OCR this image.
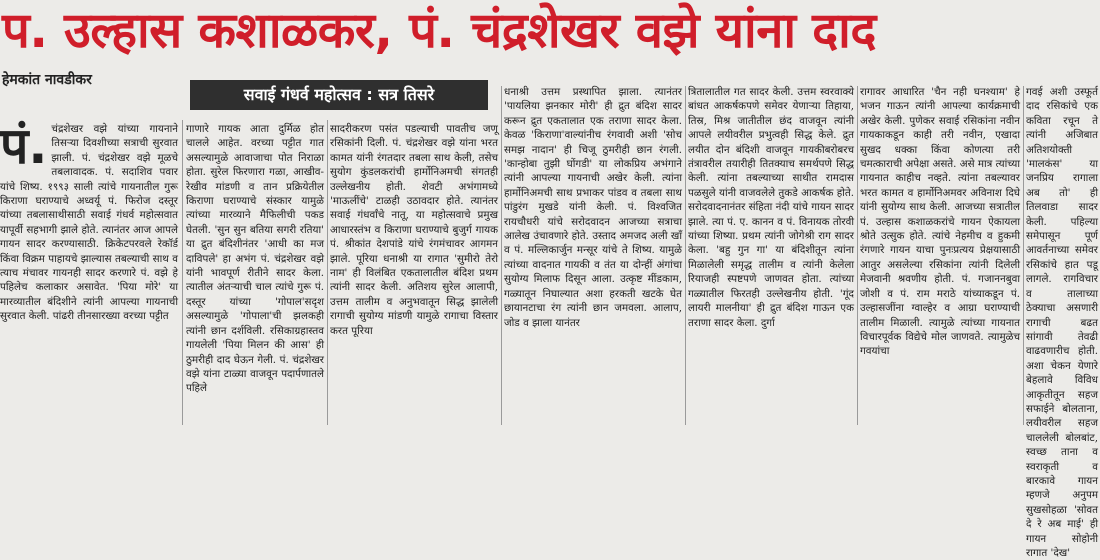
प. उल्हास कशाळकर, पं. चंद्रशेखर वझे यांना दाद
हेमकांत नावडीकर
सवाई गंधर्व महोत्सव : सत्र तिसरे

पं. चंद्रशेखर वझे यांच्या गायनाने तिसऱ्या दिवशीच्या सत्राची सुरवात झाली. पं. चंद्रशेखर वझे मूळचे तबलावादक. पं. सदाशिव पवार यांचे शिष्य. १९९३ साली त्यांचे गायनातील गुरू किराणा घराण्याचे अध्वर्यू पं. फिरोज दस्तूर यांच्या तबलासाथीसाठी सवाई गंधर्व महोत्सवात यापूर्वी सहभागी झाले होते. त्यानंतर आज आपले गायन सादर करण्यासाठी. क्रिकेटपरवले रेकॉर्ड किंवा विक्रम पाहायचे झाल्यास तबल्याची साथ व त्याच मंचावर गायनही सादर करणारे पं. वझे हे पहिलेच कलाकार असावेत. 'पिया मोरे' या मारव्यातील बंदिशीने त्यांनी आपल्या गायनाची सुरवात केली. पांढरी तीनसारख्या वरच्या पट्टीत

गाणारे गायक आता दुर्मिळ होत चालले आहेत. वरच्या पट्टीत गात असल्यामुळे आवाजाचा पोत निराळा होता. सुरेल फिरणारा गळा, आखीव-रेखीव मांडणी व तान प्रक्रियेतील किराणा घराण्याचे संस्कार यामुळे त्यांच्या मारव्याने मैफिलीची पकड घेतली. 'सुन सुन बतिया सगरी रतिया' या द्रुत बंदिशीनंतर 'आधी का मज दाविपले' हा अभंग पं. चंद्रशेखर वझे यांनी भावपूर्ण रीतीने सादर केला. त्यातील अंतऱ्याची चाल त्यांचे गुरू पं. दस्तूर यांच्या 'गोपाल'सदृश असल्यामुळे 'गोपाला'ची झलकही त्यांनी छान दर्शविली. रसिकाग्रहास्तव गायलेली 'पिया मिलन की आस' ही ठुमरीही दाद घेऊन गेली. पं. चंद्रशेखर वझे यांना टाळ्या वाजवून पदार्पणातले पहिले

सादरीकरण पसंत पडल्याची पावतीच जणू रसिकांनी दिली. पं. चंद्रशेखर वझे यांना भरत कामत यांनी रंगतदार तबला साथ केली, तसेच सुयोग कुंडलकरांची हार्मोनिअमची संगतही उल्लेखनीय होती. शेवटी अभंगामध्ये 'माऊलींचे' टाळही उठावदार होते. त्यानंतर सवाई गंधर्वांचे नातू, या महोत्सवाचे प्रमुख आधारस्तंभ व किराणा घराण्याचे बुजुर्ग गायक पं. श्रीकांत देशपांडे यांचे रंगमंचावर आगमन झाले. पूरिया धनाश्री या रागात 'सुमीरो तेरो नाम' ही विलंबित एकतालातील बंदिश प्रथम त्यांनी सादर केली. अतिशय सुरेल आलापी, उत्तम तालीम व अनुभवातून सिद्ध झालेली रागाची सुयोग्य मांडणी यामुळे रागाचा विस्तार करत पूरिया

धनाश्री उत्तम प्रस्थापित झाला. त्यानंतर 'पायलिया झनकार मोरी' ही द्रुत बंदिश सादर करून द्रुत एकतालात एक तराणा सादर केला. केवळ 'किराणा'वाल्यांनीच रंगवावी अशी 'सोच समझ नादान' ही चिजू ठुमरीही छान रंगली. 'कान्होबा तुझी घोंगडी' या लोकप्रिय अभंगाने त्यांनी आपल्या गायनाची अखेर केली. त्यांना हार्मोनिअमची साथ प्रभाकर पांडव व तबला साथ पांडुरंग मुखडे यांनी केली. पं. विश्वजित रायचौधरी यांचे सरोदवादन आजच्या सत्राचा आलेख उंचावणारे होते. उस्ताद अमजद अली खाँ व पं. मल्लिकार्जुन मन्सूर यांचे ते शिष्य. यामुळे त्यांच्या वादनात गायकी व तंत या दोन्हीं अंगांचा सुयोग्य मिलाफ दिसून आला. उत्कृष्ट मींडकाम, गळ्यातून निघाल्यात अशा हरकती खटके घेत छायानटाचा रंग त्यांनी छान जमवला. आलाप, जोड व झाला यानंतर

त्रितालातील गत सादर केली. उत्तम स्वरवाक्ये बांधत आकर्षकपणे समेवर येणाऱ्या तिहाया, तिस्र, मिश्र जातीतील छंद वाजवून त्यांनी आपले लयीवरील प्रभुत्वही सिद्ध केले. द्रुत लयीत दोन बंदिशी वाजवून गायकीबरोबरच तंत्रावरील तयारीही तितक्याच समर्थपणे सिद्ध केली. त्यांना तबल्याच्या साथीत रामदास पळसुले यांनी वाजवलेले तुकडे आकर्षक होते. सरोदवादनानंतर संहिता नंदी यांचे गायन सादर झाले. त्या पं. ए. कानन व पं. विनायक तोरवी यांच्या शिष्या. प्रथम त्यांनी जोगेश्री राग सादर केला. 'बहु गुन गा' या बंदिशीतून त्यांना मिळालेली समृद्ध तालीम व त्यांनी केलेला रियाजही स्पष्टपणे जाणवत होता. त्यांच्या गळ्यातील फिरतही उल्लेखनीय होती. 'गूंद लायरी मालनीया' ही द्रुत बंदिश गाऊन एक तराणा सादर केला. दुर्गा

रागावर आधारित 'चैन नही घनश्याम' हे भजन गाऊन त्यांनी आपल्या कार्यक्रमाची अखेर केली. पुणेकर सवाई रसिकांना नवीन गायकाकडून काही तरी नवीन, एखादा सुखद धक्का किंवा कोणत्या तरी चमत्काराची अपेक्षा असते. असे मात्र त्यांच्या गायनात काहीच नव्हते. त्यांना तबल्यावर भरत कामत व हार्मोनिअमवर अविनाश दिघे यांनी सुयोग्य साथ केली. आजच्या सत्रातील पं. उल्हास कशाळकरांचे गायन ऐकायला श्रोते उत्सुक होते. त्यांचे नेहमीच व हुकमी रंगणारे गायन याचा पुनःप्रत्यय प्रेक्षयासाठी आतुर असलेल्या रसिकांना त्यांनी दिलेली मेजवानी श्रवणीय होती. पं. गजाननबुवा जोशी व पं. राम मराठे यांच्याकडून पं. उल्हासजींना ग्वाल्हेर व आग्रा घराण्याची तालीम मिळाली. त्यामुळे त्यांच्या गायनात विचारपूर्वक विद्येचे मोल जाणवते. त्यामुळेच गवयांचा

गवई अशी उस्फूर्त दाद रसिकांचे एक कविता रचून ते त्यांनी अजिबात अतिशयोक्ती 'मालकंस' या जनप्रिय रागाला अब तो' ही तिलवाडा सादर केली. पहिल्या समेपासून पूर्ण आवर्तनाच्या समेवर रसिकांचे हात पडू लागले. रागविचार व तालाच्या ठेक्याचा असणारी रागाची बढत सांगावी तेवढी वाढवणारीच होती. अशा चेकन येणारे बेहलावे विविध आकृतीतून सहज सफाईने बोलताना, लयीवरील सहज चाललेली बोलबांट, स्वच्छ ताना व स्वराकृती व बारकावे गायन म्हणजे अनुपम सुखसोहळा 'सोवत दे रे अब माई' ही गायन सोहोनी रागात 'देख'
